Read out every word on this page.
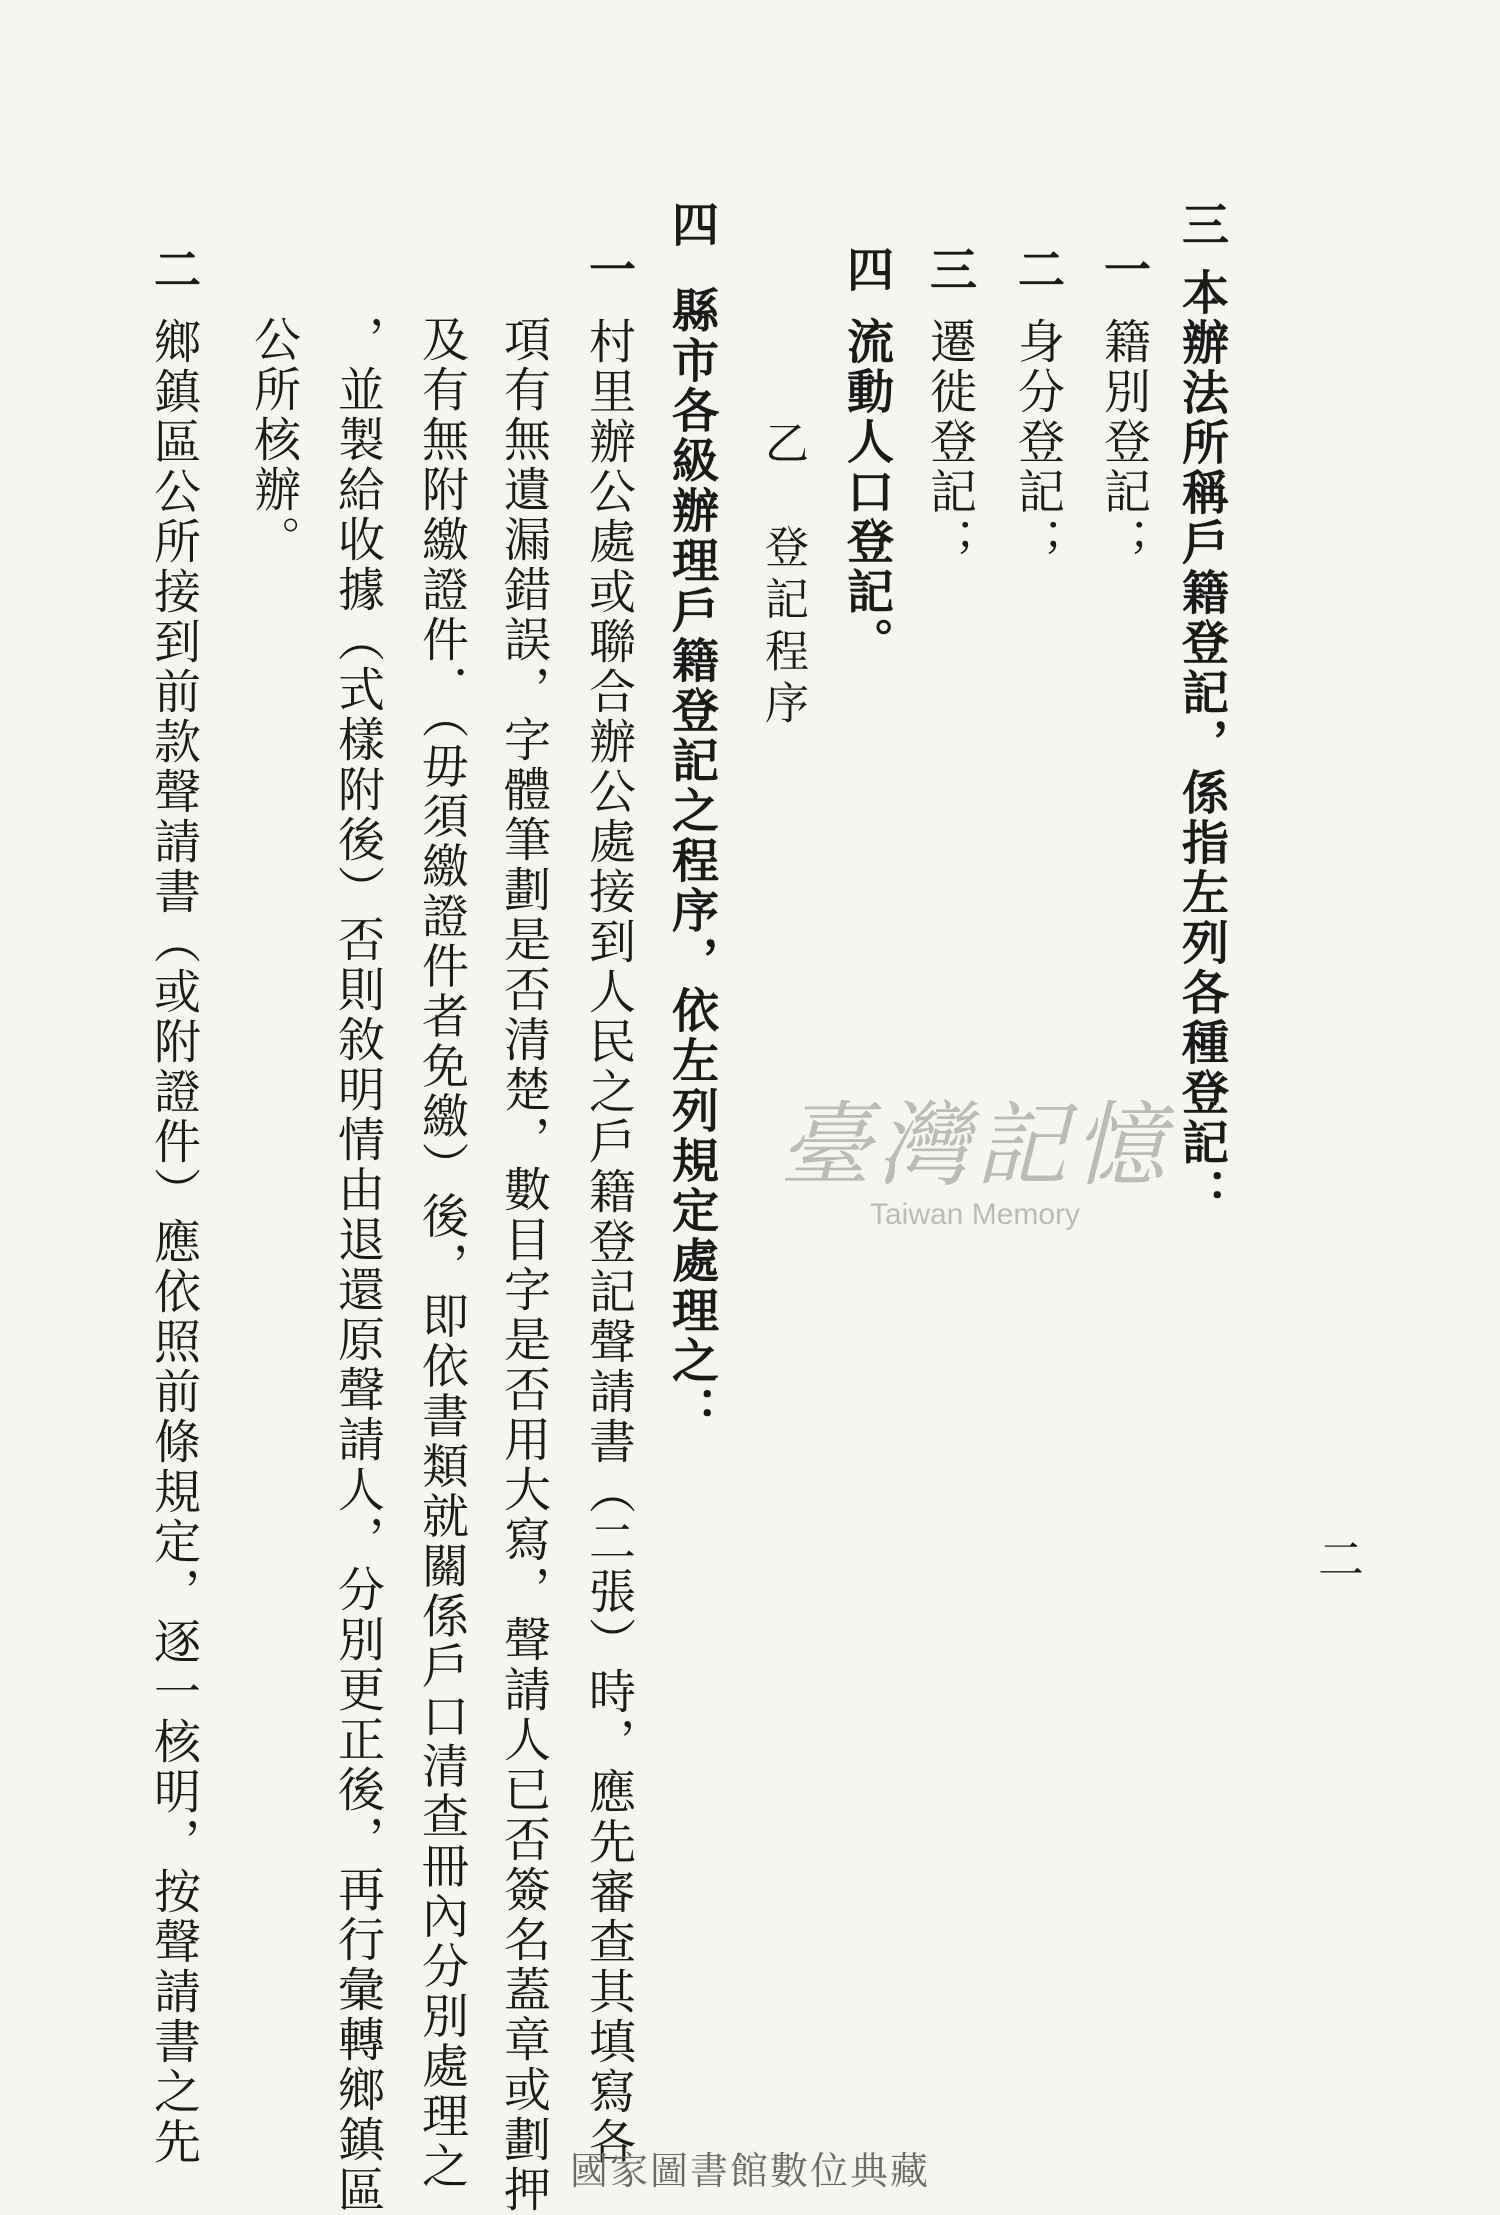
二
三本辦法所稱戶籍登記，係指左列各種登記：
一籍別登記；
二身分登記；
三遷徙登記；
四流動人口登記。
乙　登記程序
四縣市各級辦理戶籍登記之程序，依左列規定處理之：
一村里辦公處或聯合辦公處接到人民之戶籍登記聲請書（二張）時，應先審查其填寫各
項有無遺漏錯誤，字體筆劃是否清楚，數目字是否用大寫，聲請人已否簽名蓋章或劃押
及有無附繳證件．（毋須繳證件者免繳）後，即依書類就關係戶口清查冊內分別處理之
，並製給收據（式樣附後）否則敘明情由退還原聲請人，分別更正後，再行彙轉鄉鎮區
公所核辦。
二鄉鎮區公所接到前款聲請書（或附證件）應依照前條規定，逐一核明，按聲請書之先	臺灣記憶
Taiwan Memory
國家圖書館數位典藏
